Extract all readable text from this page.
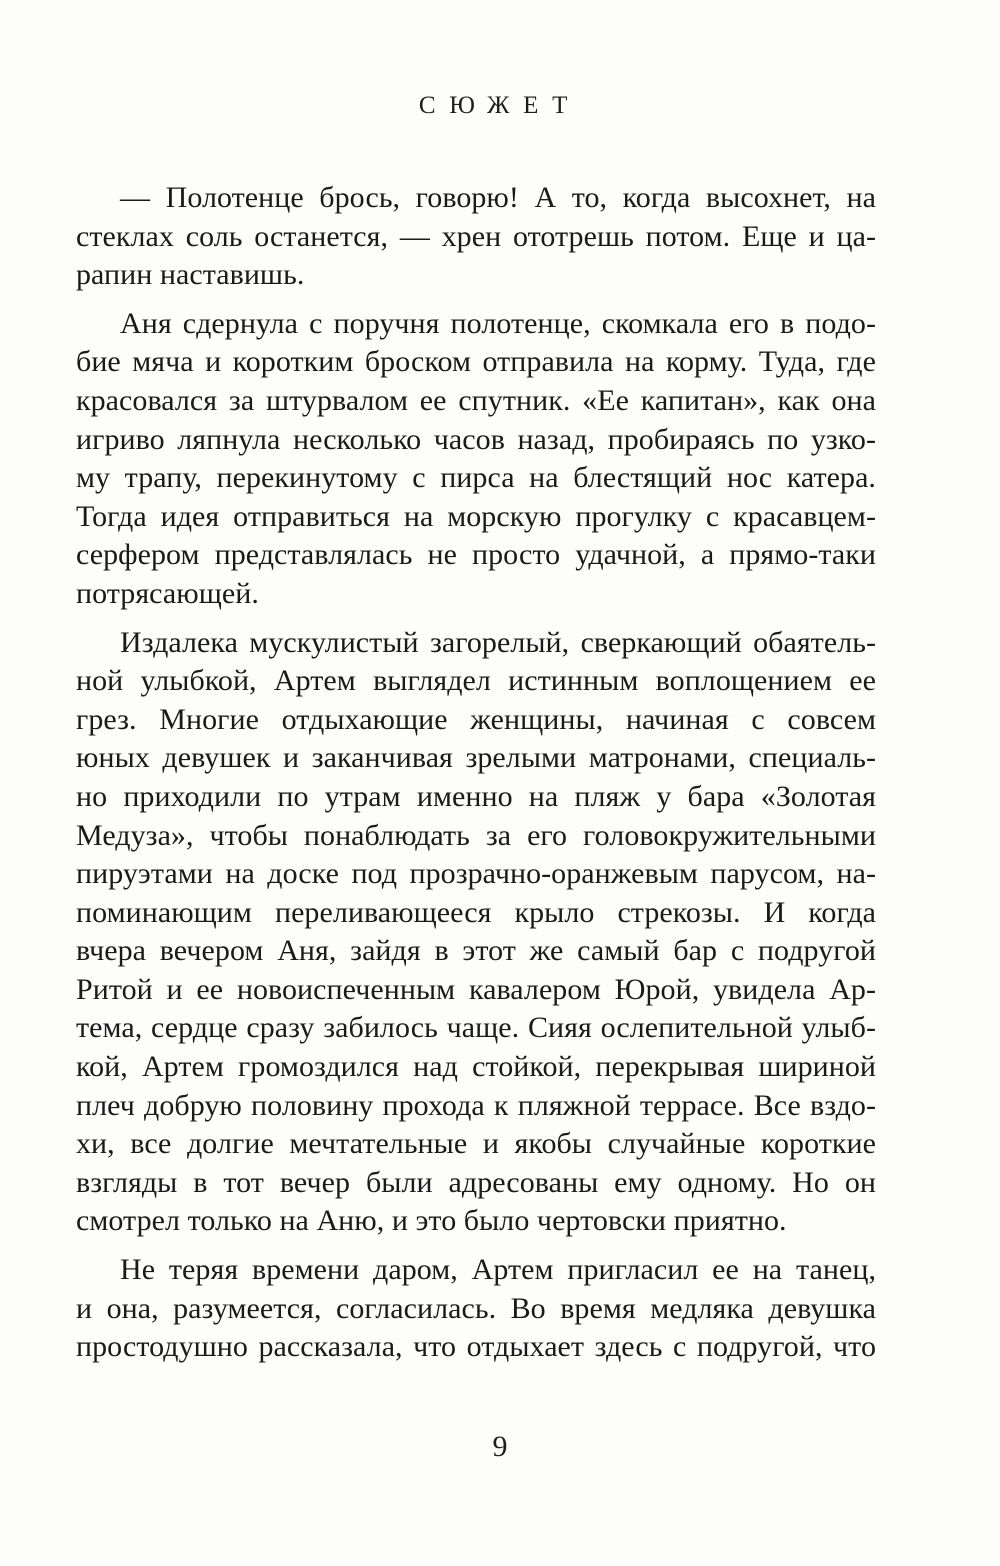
СЮЖЕТ
— Полотенце брось, говорю! А то, когда высохнет, на
стеклах соль останется, — хрен ототрешь потом. Еще и ца-
рапин наставишь.
Аня сдернула с поручня полотенце, скомкала его в подо-
бие мяча и коротким броском отправила на корму. Туда, где
красовался за штурвалом ее спутник. «Ее капитан», как она
игриво ляпнула несколько часов назад, пробираясь по узко-
му трапу, перекинутому с пирса на блестящий нос катера.
Тогда идея отправиться на морскую прогулку с красавцем-
серфером представлялась не просто удачной, а прямо-таки
потрясающей.
Издалека мускулистый загорелый, сверкающий обаятель-
ной улыбкой, Артем выглядел истинным воплощением ее
грез. Многие отдыхающие женщины, начиная с совсем
юных девушек и заканчивая зрелыми матронами, специаль-
но приходили по утрам именно на пляж у бара «Золотая
Медуза», чтобы понаблюдать за его головокружительными
пируэтами на доске под прозрачно-оранжевым парусом, на-
поминающим переливающееся крыло стрекозы. И когда
вчера вечером Аня, зайдя в этот же самый бар с подругой
Ритой и ее новоиспеченным кавалером Юрой, увидела Ар-
тема, сердце сразу забилось чаще. Сияя ослепительной улыб-
кой, Артем громоздился над стойкой, перекрывая шириной
плеч добрую половину прохода к пляжной террасе. Все вздо-
хи, все долгие мечтательные и якобы случайные короткие
взгляды в тот вечер были адресованы ему одному. Но он
смотрел только на Аню, и это было чертовски приятно.
Не теряя времени даром, Артем пригласил ее на танец,
и она, разумеется, согласилась. Во время медляка девушка
простодушно рассказала, что отдыхает здесь с подругой, что
9
